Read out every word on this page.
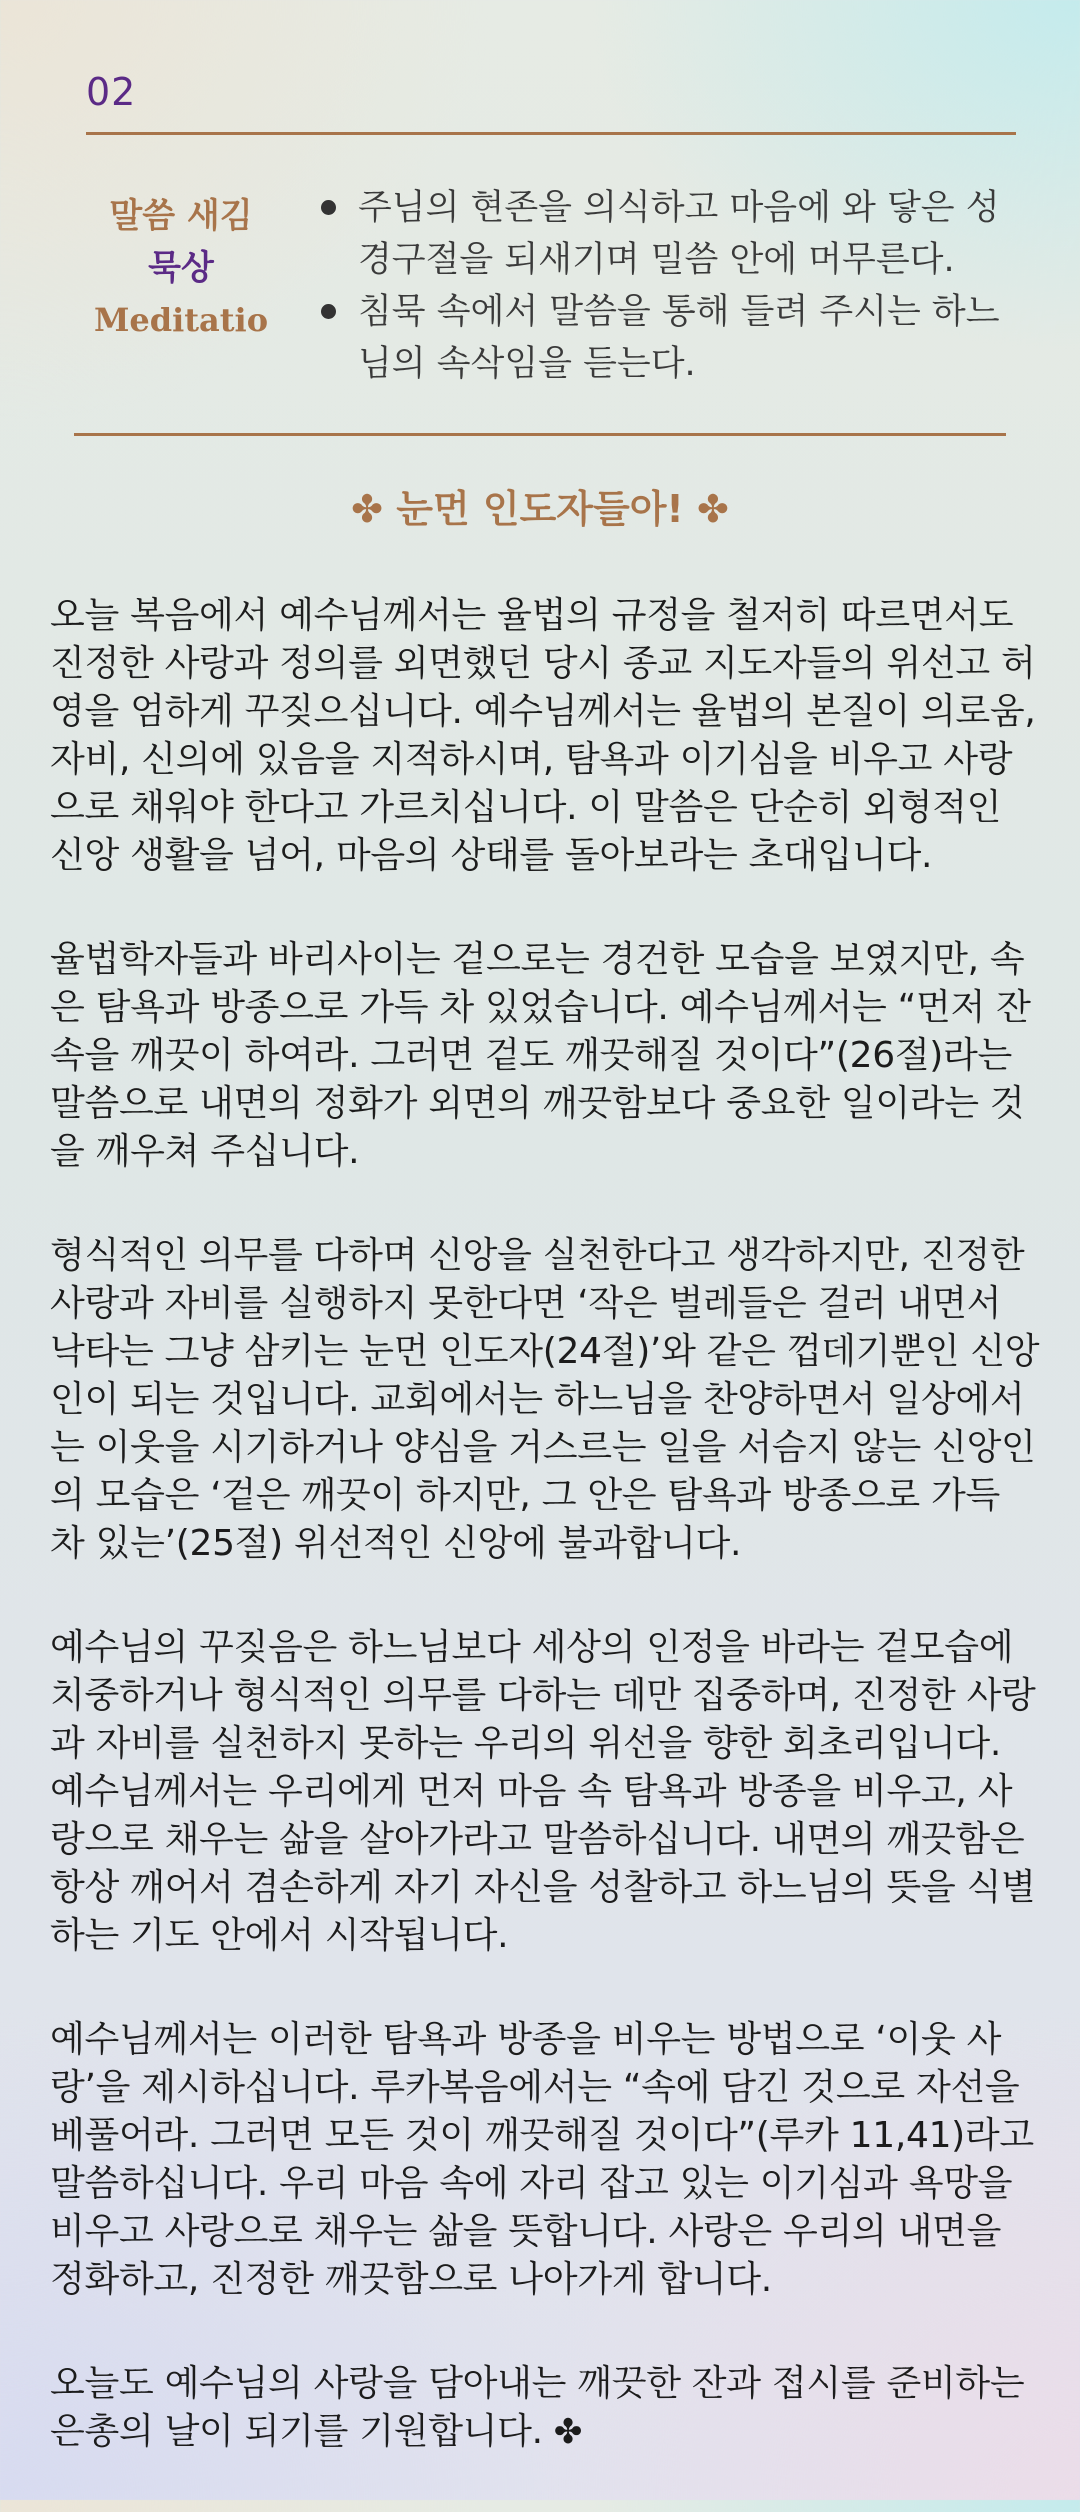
02
말씀 새김
묵상
Meditatio
주님의 현존을 의식하고 마음에 와 닿은 성경구절을 되새기며 밀씀 안에 머무른다.
침묵 속에서 말씀을 통해 들려 주시는 하느님의 속삭임을 듣는다.
✤ 눈먼 인도자들아! ✤

오늘 복음에서 예수님께서는 율법의 규정을 철저히 따르면서도 진정한 사랑과 정의를 외면했던 당시 종교 지도자들의 위선고 허영을 엄하게 꾸짖으십니다. 예수님께서는 율법의 본질이 의로움, 자비, 신의에 있음을 지적하시며, 탐욕과 이기심을 비우고 사랑으로 채워야 한다고 가르치십니다. 이 말씀은 단순히 외형적인 신앙 생활을 넘어, 마음의 상태를 돌아보라는 초대입니다.

율법학자들과 바리사이는 겉으로는 경건한 모습을 보였지만, 속은 탐욕과 방종으로 가득 차 있었습니다. 예수님께서는 “먼저 잔 속을 깨끗이 하여라. 그러면 겉도 깨끗해질 것이다”(26절)라는 말씀으로 내면의 정화가 외면의 깨끗함보다 중요한 일이라는 것을 깨우쳐 주십니다.

형식적인 의무를 다하며 신앙을 실천한다고 생각하지만, 진정한 사랑과 자비를 실행하지 못한다면 ‘작은 벌레들은 걸러 내면서 낙타는 그냥 삼키는 눈먼 인도자(24절)’와 같은 껍데기뿐인 신앙인이 되는 것입니다. 교회에서는 하느님을 찬양하면서 일상에서는 이웃을 시기하거나 양심을 거스르는 일을 서슴지 않는 신앙인의 모습은 ‘겉은 깨끗이 하지만, 그 안은 탐욕과 방종으로 가득 차 있는’(25절) 위선적인 신앙에 불과합니다.

예수님의 꾸짖음은 하느님보다 세상의 인정을 바라는 겉모습에 치중하거나 형식적인 의무를 다하는 데만 집중하며, 진정한 사랑과 자비를 실천하지 못하는 우리의 위선을 향한 회초리입니다. 예수님께서는 우리에게 먼저 마음 속 탐욕과 방종을 비우고, 사랑으로 채우는 삶을 살아가라고 말씀하십니다. 내면의 깨끗함은 항상 깨어서 겸손하게 자기 자신을 성찰하고 하느님의 뜻을 식별하는 기도 안에서 시작됩니다.

예수님께서는 이러한 탐욕과 방종을 비우는 방법으로 ‘이웃 사랑’을 제시하십니다. 루카복음에서는 “속에 담긴 것으로 자선을 베풀어라. 그러면 모든 것이 깨끗해질 것이다”(루카 11,41)라고 말씀하십니다. 우리 마음 속에 자리 잡고 있는 이기심과 욕망을 비우고 사랑으로 채우는 삶을 뜻합니다. 사랑은 우리의 내면을 정화하고, 진정한 깨끗함으로 나아가게 합니다.

오늘도 예수님의 사랑을 담아내는 깨끗한 잔과 접시를 준비하는 은총의 날이 되기를 기원합니다. ✤
